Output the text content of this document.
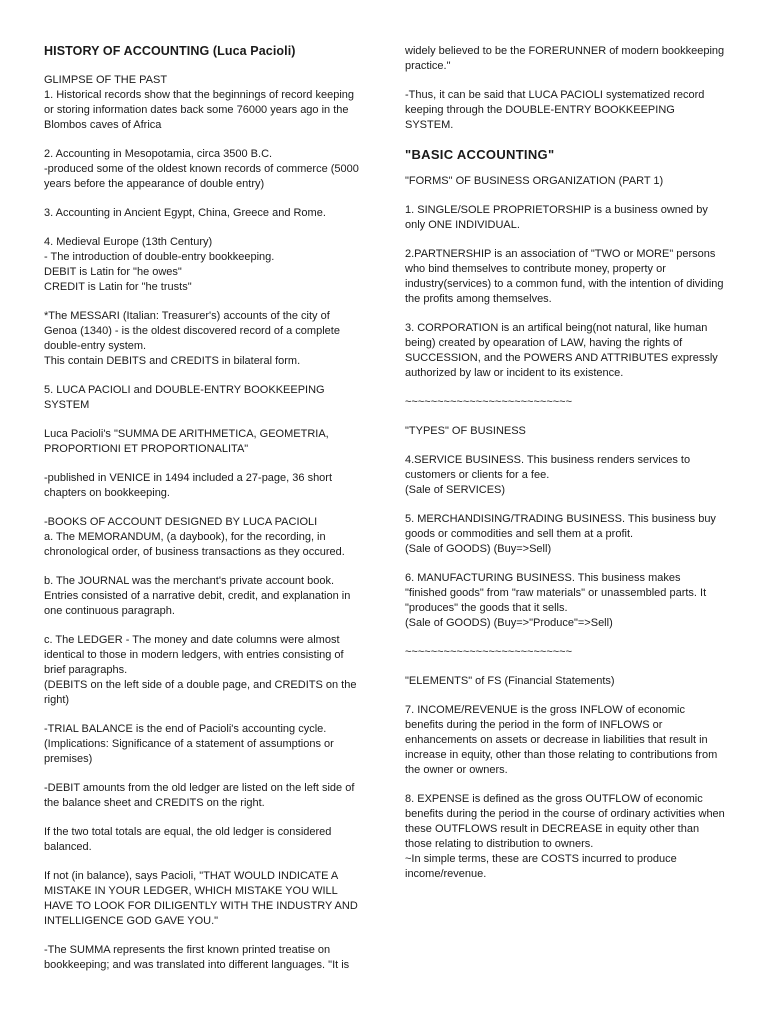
HISTORY OF ACCOUNTING (Luca Pacioli)
GLIMPSE OF THE PAST
1. Historical records show that the beginnings of record keeping or storing information dates back some 76000 years ago in the Blombos caves of Africa
2. Accounting in Mesopotamia, circa 3500 B.C.
-produced some of the oldest known records of commerce (5000 years before the appearance of double entry)
3. Accounting in Ancient Egypt, China, Greece and Rome.
4. Medieval Europe (13th Century)
- The introduction of double-entry bookkeeping.
DEBIT is Latin for "he owes"
CREDIT is Latin for "he trusts"
*The MESSARI (Italian: Treasurer's) accounts of the city of Genoa (1340) - is the oldest discovered record of a complete double-entry system.
This contain DEBITS and CREDITS in bilateral form.
5. LUCA PACIOLI and DOUBLE-ENTRY BOOKKEEPING SYSTEM
Luca Pacioli's "SUMMA DE ARITHMETICA, GEOMETRIA, PROPORTIONI ET PROPORTIONALITA"
-published in VENICE in 1494 included a 27-page, 36 short chapters on bookkeeping.
-BOOKS OF ACCOUNT DESIGNED BY LUCA PACIOLI
a. The MEMORANDUM, (a daybook), for the recording, in chronological order, of business transactions as they occured.
b. The JOURNAL was the merchant's private account book. Entries consisted of a narrative debit, credit, and explanation in one continuous paragraph.
c. The LEDGER - The money and date columns were almost identical to those in modern ledgers, with entries consisting of brief paragraphs.
(DEBITS on the left side of a double page, and CREDITS on the right)
-TRIAL BALANCE is the end of Pacioli's accounting cycle.
(Implications: Significance of a statement of assumptions or premises)
-DEBIT amounts from the old ledger are listed on the left side of the balance sheet and CREDITS on the right.
If the two total totals are equal, the old ledger is considered balanced.
If not (in balance), says Pacioli, "THAT WOULD INDICATE A MISTAKE IN YOUR LEDGER, WHICH MISTAKE YOU WILL HAVE TO LOOK FOR DILIGENTLY WITH THE INDUSTRY AND INTELLIGENCE GOD GAVE YOU."
-The SUMMA represents the first known printed treatise on bookkeeping; and was translated into different languages. "It is
widely believed to be the FORERUNNER of modern bookkeeping practice."
-Thus, it can be said that LUCA PACIOLI systematized record keeping through the DOUBLE-ENTRY BOOKKEEPING SYSTEM.
"BASIC ACCOUNTING"
"FORMS" OF BUSINESS ORGANIZATION (PART 1)
1. SINGLE/SOLE PROPRIETORSHIP is a business owned by only ONE INDIVIDUAL.
2.PARTNERSHIP is an association of "TWO or MORE" persons who bind themselves to contribute money, property or industry(services) to a common fund, with the intention of dividing the profits among themselves.
3. CORPORATION is an artifical being(not natural, like human being) created by opearation of LAW, having the rights of SUCCESSION, and the POWERS AND ATTRIBUTES expressly authorized by law or incident to its existence.
~~~~~~~~~~~~~~~~~~~~~~~~~~
"TYPES" OF BUSINESS
4.SERVICE BUSINESS. This business renders services to customers or clients for a fee.
(Sale of SERVICES)
5. MERCHANDISING/TRADING BUSINESS. This business buy goods or commodities and sell them at a profit.
(Sale of GOODS) (Buy=>Sell)
6. MANUFACTURING BUSINESS. This business makes "finished goods" from "raw materials" or unassembled parts. It "produces" the goods that it sells.
(Sale of GOODS) (Buy=>"Produce"=>Sell)
~~~~~~~~~~~~~~~~~~~~~~~~~~
"ELEMENTS" of FS (Financial Statements)
7. INCOME/REVENUE is the gross INFLOW of economic benefits during the period in the form of INFLOWS or enhancements on assets or decrease in liabilities that result in increase in equity, other than those relating to contributions from the owner or owners.
8. EXPENSE is defined as the gross OUTFLOW of economic benefits during the period in the course of ordinary activities when these OUTFLOWS result in DECREASE in equity other than those relating to distribution to owners.
~In simple terms, these are COSTS incurred to produce income/revenue.
